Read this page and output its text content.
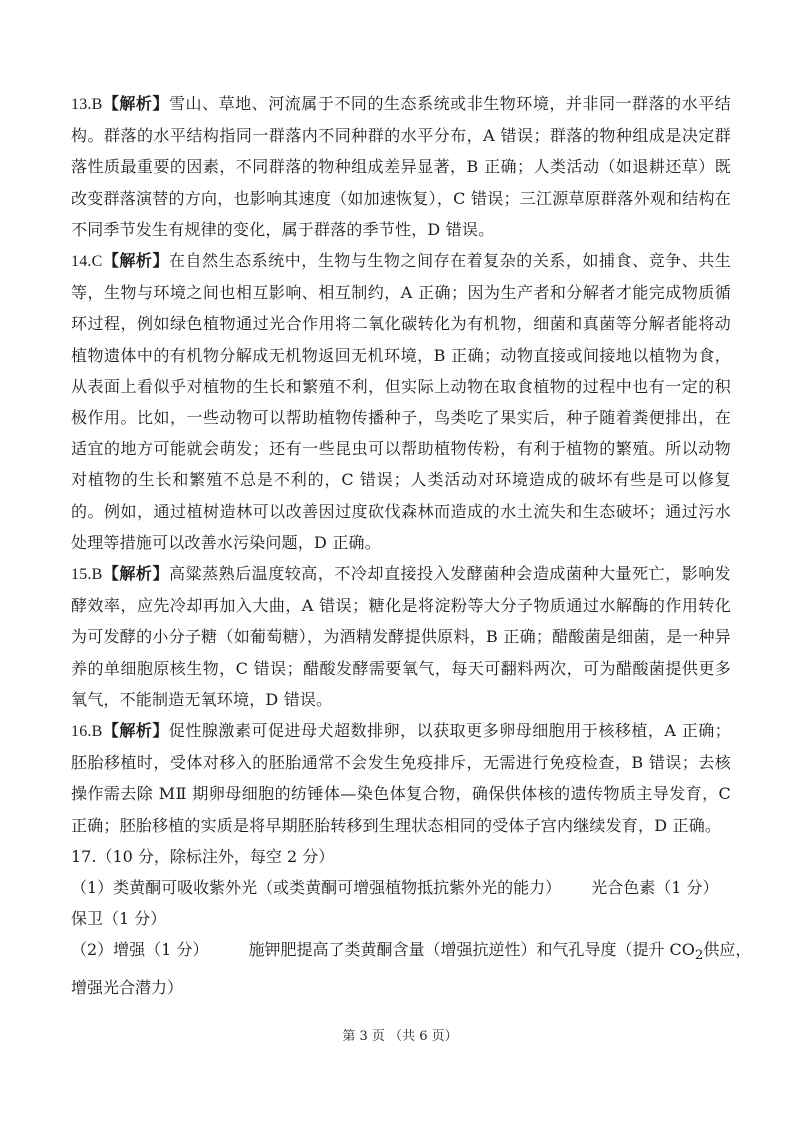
13.B【解析】雪山、草地、河流属于不同的生态系统或非生物环境，并非同一群落的水平结构。群落的水平结构指同一群落内不同种群的水平分布，A 错误；群落的物种组成是决定群落性质最重要的因素，不同群落的物种组成差异显著，B 正确；人类活动（如退耕还草）既改变群落演替的方向，也影响其速度（如加速恢复），C 错误；三江源草原群落外观和结构在不同季节发生有规律的变化，属于群落的季节性，D 错误。

14.C【解析】在自然生态系统中，生物与生物之间存在着复杂的关系，如捕食、竞争、共生等，生物与环境之间也相互影响、相互制约，A 正确；因为生产者和分解者才能完成物质循环过程，例如绿色植物通过光合作用将二氧化碳转化为有机物，细菌和真菌等分解者能将动植物遗体中的有机物分解成无机物返回无机环境，B 正确；动物直接或间接地以植物为食，从表面上看似乎对植物的生长和繁殖不利，但实际上动物在取食植物的过程中也有一定的积极作用。比如，一些动物可以帮助植物传播种子，鸟类吃了果实后，种子随着粪便排出，在适宜的地方可能就会萌发；还有一些昆虫可以帮助植物传粉，有利于植物的繁殖。所以动物对植物的生长和繁殖不总是不利的，C 错误；人类活动对环境造成的破坏有些是可以修复的。例如，通过植树造林可以改善因过度砍伐森林而造成的水土流失和生态破坏；通过污水处理等措施可以改善水污染问题，D 正确。

15.B【解析】高粱蒸熟后温度较高，不冷却直接投入发酵菌种会造成菌种大量死亡，影响发酵效率，应先冷却再加入大曲，A 错误；糖化是将淀粉等大分子物质通过水解酶的作用转化为可发酵的小分子糖（如葡萄糖），为酒精发酵提供原料，B 正确；醋酸菌是细菌，是一种异养的单细胞原核生物，C 错误；醋酸发酵需要氧气，每天可翻料两次，可为醋酸菌提供更多氧气，不能制造无氧环境，D 错误。

16.B【解析】促性腺激素可促进母犬超数排卵，以获取更多卵母细胞用于核移植，A 正确；胚胎移植时，受体对移入的胚胎通常不会发生免疫排斥，无需进行免疫检查，B 错误；去核操作需去除 MⅡ 期卵母细胞的纺锤体—染色体复合物，确保供体核的遗传物质主导发育，C 正确；胚胎移植的实质是将早期胚胎转移到生理状态相同的受体子宫内继续发育，D 正确。

17.（10 分，除标注外，每空 2 分）
（1）类黄酮可吸收紫外光（或类黄酮可增强植物抵抗紫外光的能力） 光合色素（1 分）
保卫（1 分）
（2）增强（1 分）	施钾肥提高了类黄酮含量（增强抗逆性）和气孔导度（提升 $CO_2$供应，
增强光合潜力）
第 3 页 （共 6 页）
